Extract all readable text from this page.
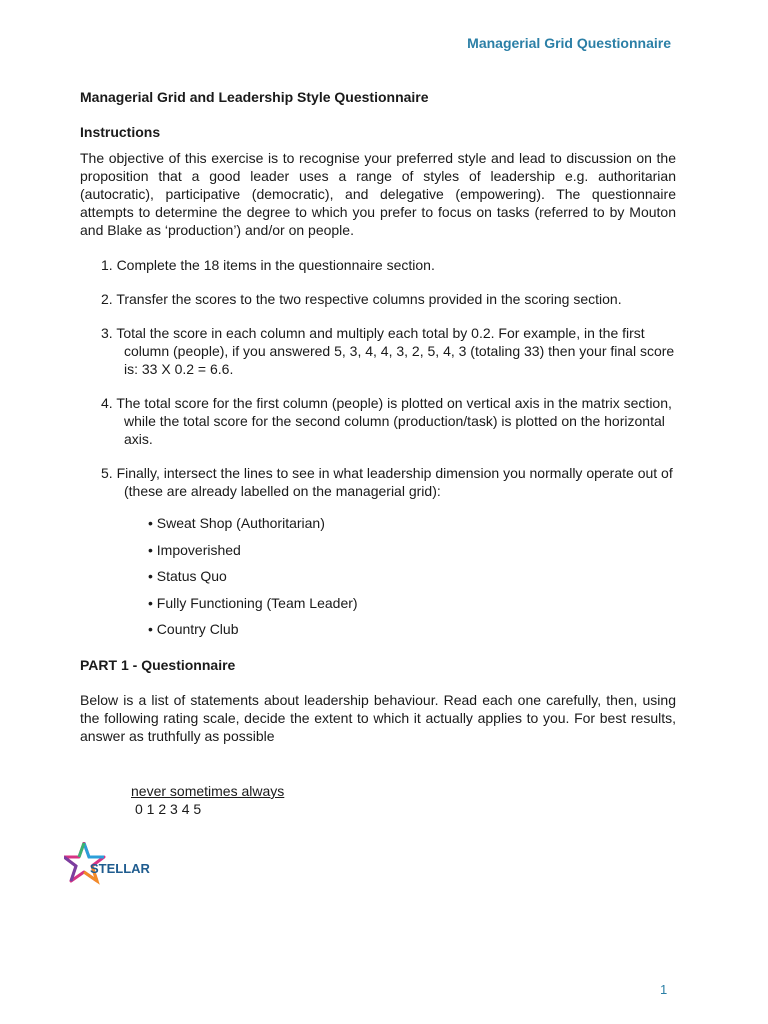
Managerial Grid Questionnaire
Managerial Grid and Leadership Style Questionnaire
Instructions

The objective of this exercise is to recognise your preferred style and lead to discussion on the proposition that a good leader uses a range of styles of leadership e.g. authoritarian (autocratic), participative (democratic), and delegative (empowering). The questionnaire attempts to determine the degree to which you prefer to focus on tasks (referred to by Mouton and Blake as ‘production’) and/or on people.

1. Complete the 18 items in the questionnaire section.
2. Transfer the scores to the two respective columns provided in the scoring section.
3. Total the score in each column and multiply each total by 0.2. For example, in the first column (people), if you answered 5, 3, 4, 4, 3, 2, 5, 4, 3 (totaling 33) then your final score is: 33 X 0.2 = 6.6.
4. The total score for the first column (people) is plotted on vertical axis in the matrix section, while the total score for the second column (production/task) is plotted on the horizontal axis.
5. Finally, intersect the lines to see in what leadership dimension you normally operate out of (these are already labelled on the managerial grid):
• Sweat Shop (Authoritarian)
• Impoverished
• Status Quo
• Fully Functioning (Team Leader)
• Country Club
PART 1 - Questionnaire

Below is a list of statements about leadership behaviour. Read each one carefully, then, using the following rating scale, decide the extent to which it actually applies to you. For best results, answer as truthfully as possible

never sometimes always
0 1 2 3 4 5
STELLAR
1
